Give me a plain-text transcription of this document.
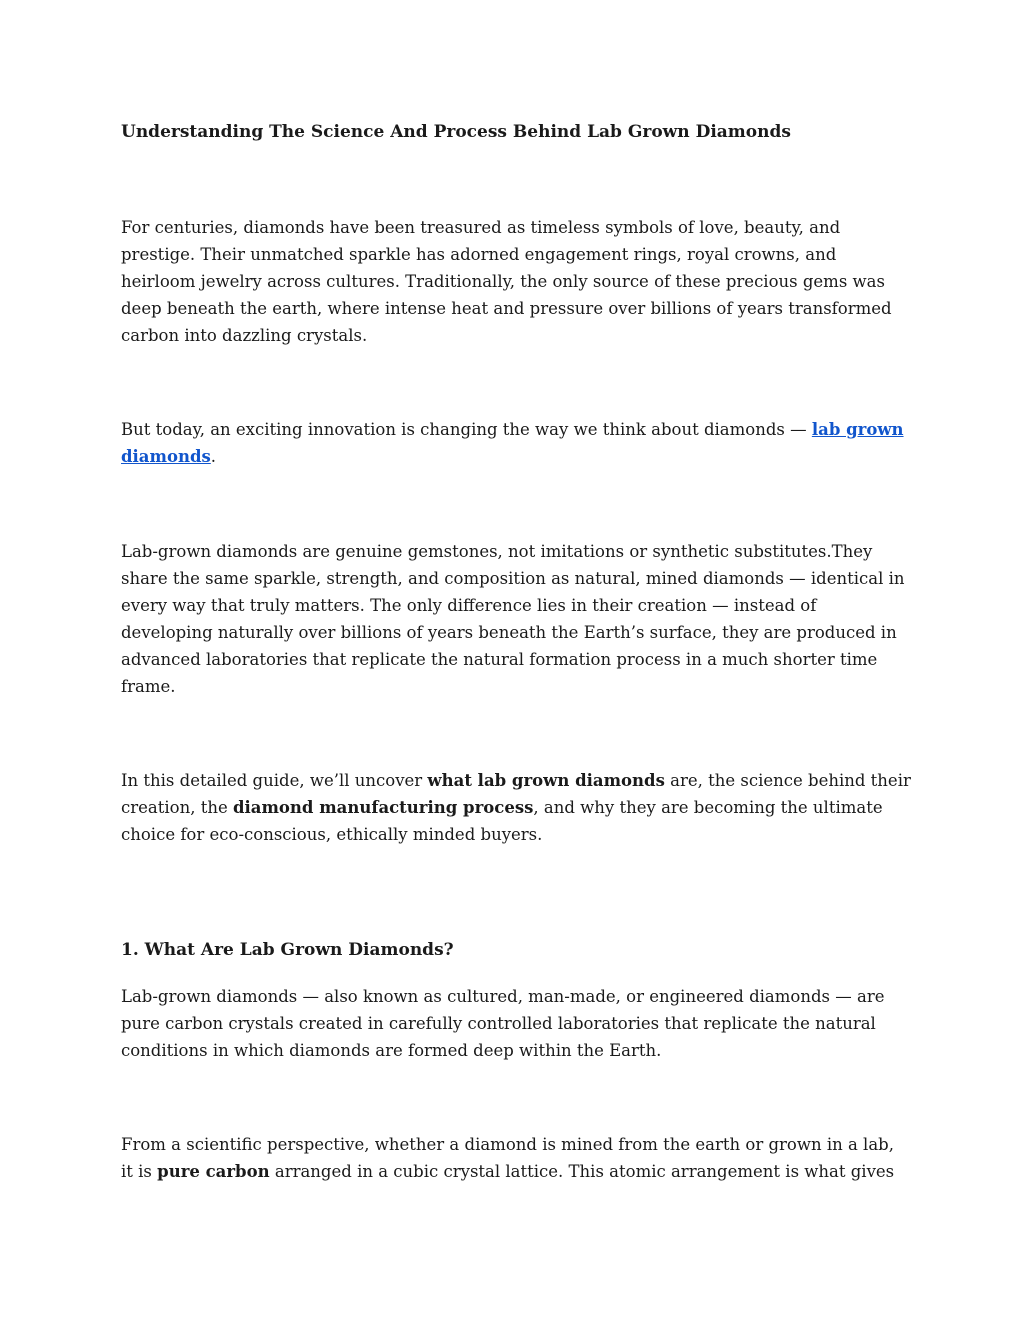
Understanding The Science And Process Behind Lab Grown Diamonds

For centuries, diamonds have been treasured as timeless symbols of love, beauty, and prestige. Their unmatched sparkle has adorned engagement rings, royal crowns, and heirloom jewelry across cultures. Traditionally, the only source of these precious gems was deep beneath the earth, where intense heat and pressure over billions of years transformed carbon into dazzling crystals.

But today, an exciting innovation is changing the way we think about diamonds — lab grown diamonds.

Lab-grown diamonds are genuine gemstones, not imitations or synthetic substitutes.They share the same sparkle, strength, and composition as natural, mined diamonds — identical in every way that truly matters. The only difference lies in their creation — instead of developing naturally over billions of years beneath the Earth’s surface, they are produced in advanced laboratories that replicate the natural formation process in a much shorter time frame.

In this detailed guide, we’ll uncover what lab grown diamonds are, the science behind their creation, the diamond manufacturing process, and why they are becoming the ultimate choice for eco-conscious, ethically minded buyers.

1. What Are Lab Grown Diamonds?

Lab-grown diamonds — also known as cultured, man-made, or engineered diamonds — are pure carbon crystals created in carefully controlled laboratories that replicate the natural conditions in which diamonds are formed deep within the Earth.

From a scientific perspective, whether a diamond is mined from the earth or grown in a lab, it is pure carbon arranged in a cubic crystal lattice. This atomic arrangement is what gives
